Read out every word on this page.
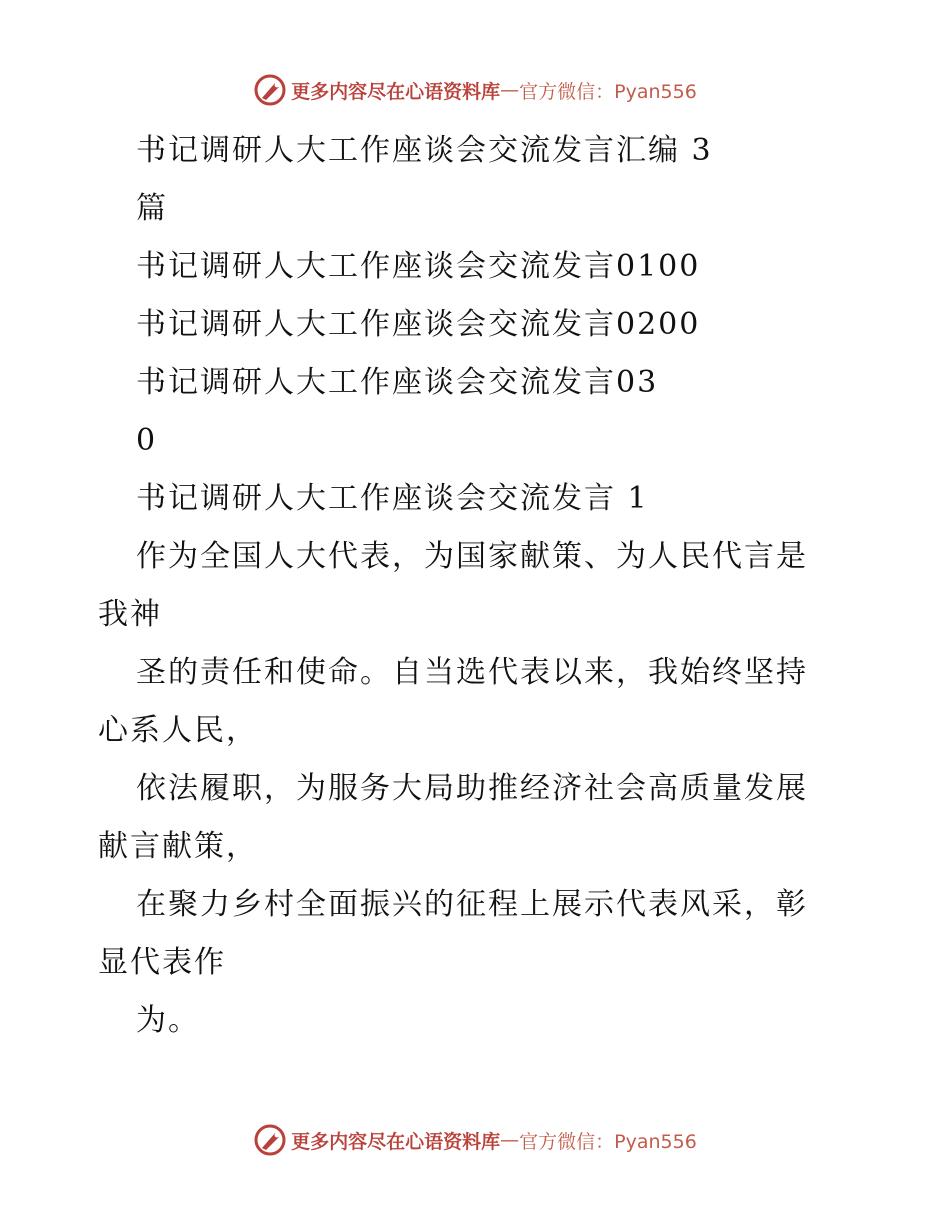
更多内容尽在心语资料库 — 官方微信：Pyan556

书记调研人大工作座谈会交流发言汇编 3

篇

书记调研人大工作座谈会交流发言0100

书记调研人大工作座谈会交流发言0200

书记调研人大工作座谈会交流发言03

0

书记调研人大工作座谈会交流发言 1

作为全国人大代表，为国家献策、为人民代言是

我神

圣的责任和使命。自当选代表以来，我始终坚持

心系人民，

依法履职，为服务大局助推经济社会高质量发展

献言献策，

在聚力乡村全面振兴的征程上展示代表风采，彰

显代表作

为。

更多内容尽在心语资料库 — 官方微信：Pyan556
